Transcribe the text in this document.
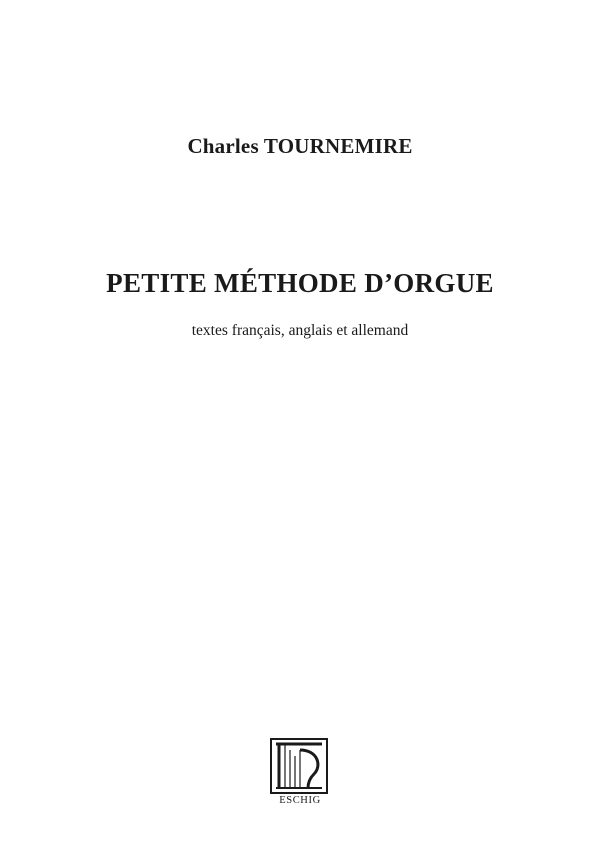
Charles TOURNEMIRE
PETITE MÉTHODE D’ORGUE
textes français, anglais et allemand
ESCHIG
